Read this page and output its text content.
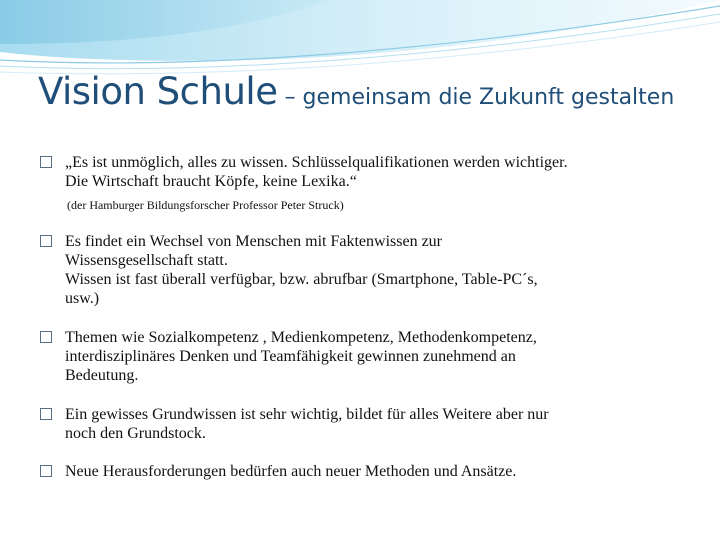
Vision Schule – gemeinsam die Zukunft gestalten
„Es ist unmöglich, alles zu wissen. Schlüsselqualifikationen werden wichtiger.
Die Wirtschaft braucht Köpfe, keine Lexika.“
(der Hamburger Bildungsforscher Professor Peter Struck)
Es findet ein Wechsel von Menschen mit Faktenwissen zur
Wissensgesellschaft statt.
Wissen ist fast überall verfügbar, bzw. abrufbar (Smartphone, Table-PC´s,
usw.)
Themen wie Sozialkompetenz , Medienkompetenz, Methodenkompetenz,
interdisziplinäres Denken und Teamfähigkeit gewinnen zunehmend an
Bedeutung.
Ein gewisses Grundwissen ist sehr wichtig, bildet für alles Weitere aber nur
noch den Grundstock.
Neue Herausforderungen bedürfen auch neuer Methoden und Ansätze.
